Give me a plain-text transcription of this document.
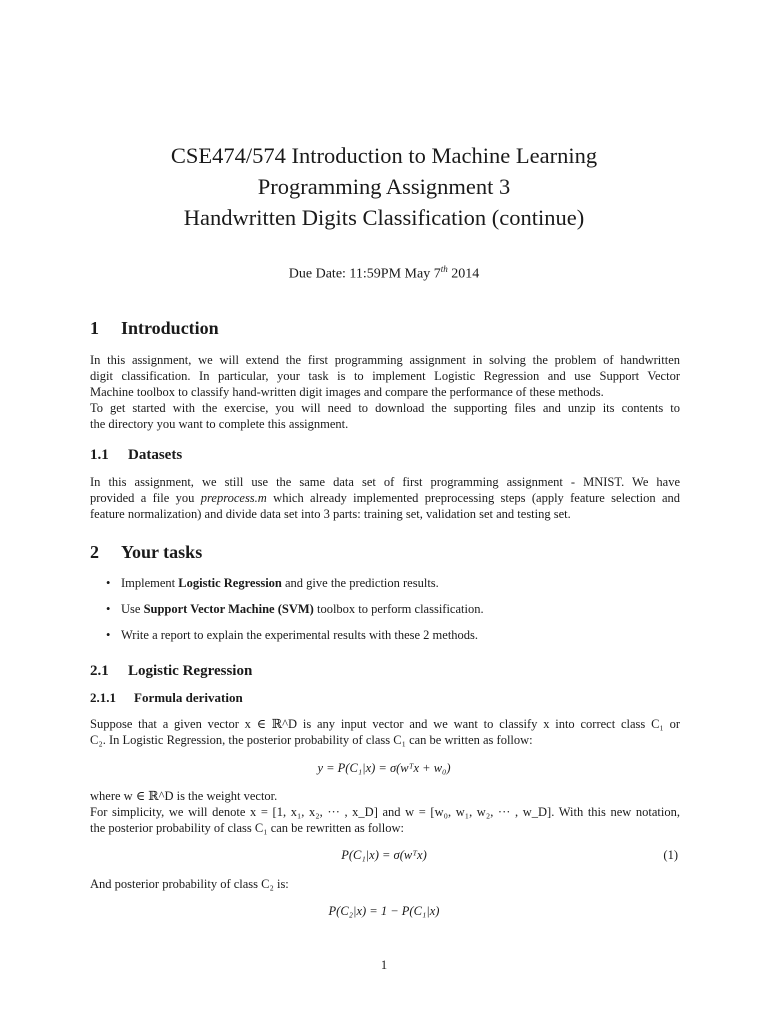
CSE474/574 Introduction to Machine Learning
Programming Assignment 3
Handwritten Digits Classification (continue)
Due Date: 11:59PM May 7th 2014
1 Introduction
In this assignment, we will extend the first programming assignment in solving the problem of handwritten
digit classification. In particular, your task is to implement Logistic Regression and use Support Vector
Machine toolbox to classify hand-written digit images and compare the performance of these methods.
To get started with the exercise, you will need to download the supporting files and unzip its contents to
the directory you want to complete this assignment.
1.1 Datasets
In this assignment, we still use the same data set of first programming assignment - MNIST. We have
provided a file you preprocess.m which already implemented preprocessing steps (apply feature selection and
feature normalization) and divide data set into 3 parts: training set, validation set and testing set.
2 Your tasks
• Implement Logistic Regression and give the prediction results.
• Use Support Vector Machine (SVM) toolbox to perform classification.
• Write a report to explain the experimental results with these 2 methods.
2.1 Logistic Regression
2.1.1 Formula derivation
Suppose that a given vector x ∈ ℝ^D is any input vector and we want to classify x into correct class C₁ or
C₂. In Logistic Regression, the posterior probability of class C₁ can be written as follow:
y = P(C₁|x) = σ(wᵀx + w₀)
where w ∈ ℝ^D is the weight vector.
For simplicity, we will denote x = [1, x₁, x₂, ··· , x_D] and w = [w₀, w₁, w₂, ··· , w_D]. With this new notation,
the posterior probability of class C₁ can be rewritten as follow:
P(C₁|x) = σ(wᵀx)	(1)
And posterior probability of class C₂ is:
P(C₂|x) = 1 − P(C₁|x)
1
